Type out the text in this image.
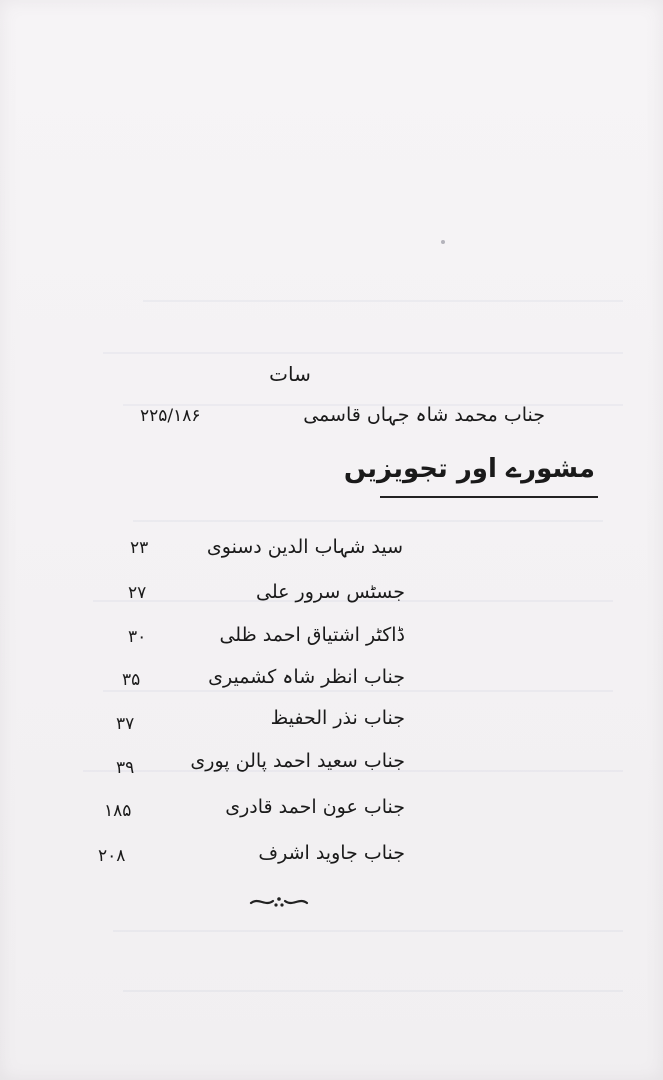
سات
جناب محمد شاہ جہاں قاسمی
۲۲۵/۱۸۶
مشورے اور تجویزیں
سید شہاب الدین دسنوی
۲۳
جسٹس سرور علی
۲۷
ڈاکٹر اشتیاق احمد ظلی
۳۰
جناب انظر شاہ کشمیری
۳۵
جناب نذر الحفیظ
۳۷
جناب سعید احمد پالن پوری
۳۹
جناب عون احمد قادری
۱۸۵
جناب جاوید اشرف
۲۰۸
